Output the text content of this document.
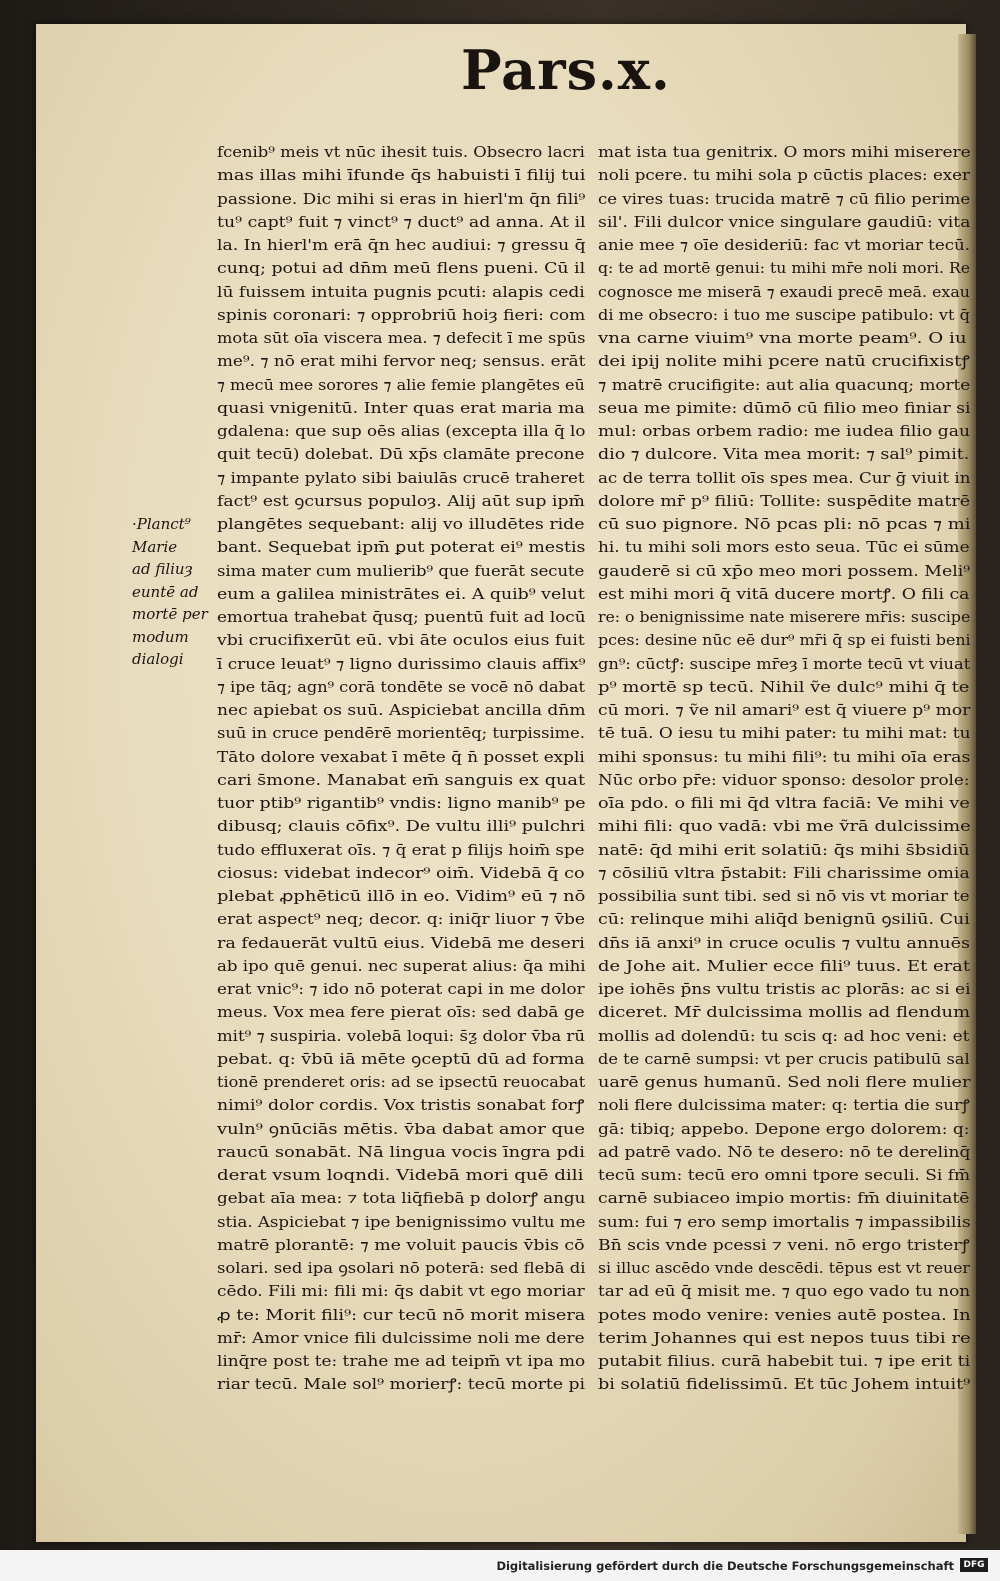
Pars.x.
·Planct⁹
Marie
ad filiuȝ
euntē ad
mortē per
modum
dialogi
fcenib⁹ meis vt nūc ihesit tuis. Obsecro lacri
mas illas mihi īfunde q̄s habuisti ī filij tui
passione. Dic mihi si eras in hierl'm q̄n fili⁹
tu⁹ capt⁹ fuit ⁊ vinct⁹ ⁊ duct⁹ ad anna. At il
la. In hierl'm erā q̄n hec audiui: ⁊ gressu q̄
cunq; potui ad dn̄m meū flens pueni. Cū il
lū fuissem intuita pugnis pcuti: alapis cedi
spinis coronari: ⁊ opprobriū hoiȝ fieri: com
mota sūt oīa viscera mea. ⁊ defecit ī me spūs
me⁹. ⁊ nō erat mihi fervor neq; sensus. erāt
⁊ mecū mee sorores ⁊ alie femie plangētes eū
quasi vnigenitū. Inter quas erat maria ma
gdalena: que sup oēs alias (excepta illa q̄ lo
quit tecū) dolebat. Dū xp̄s clamāte precone
⁊ impante pylato sibi baiulās crucē traheret
fact⁹ est ꝯcursus populoȝ. Alij aūt sup ipm̄
plangētes sequebant: alij vo illudētes ride
bant. Sequebat ipm̄ ꝑut poterat ei⁹ mestis
sima mater cum mulierib⁹ que fuerāt secute
eum a galilea ministrātes ei. A quib⁹ velut
emortua trahebat q̄usq; puentū fuit ad locū
vbi crucifixerūt eū. vbi āte oculos eius fuit
ī cruce leuat⁹ ⁊ ligno durissimo clauis affix⁹
⁊ ipe tāq; agn⁹ corā tondēte se vocē nō dabat
nec apiebat os suū. Aspiciebat ancilla dn̄m
suū in cruce pendērē morientēq; turpissime.
Tāto dolore vexabat ī mēte q̄ n̄ posset expli
cari s̄mone. Manabat em̄ sanguis ex quat
tuor ptib⁹ rigantib⁹ vndis: ligno manib⁹ pe
dibusq; clauis cōfix⁹. De vultu illi⁹ pulchri
tudo effluxerat oīs. ⁊ q̄ erat p filijs hoim̄ spe
ciosus: videbat indecor⁹ oim̄. Videbā q̄ co
plebat ꝓphēticū illō in eo. Vidim⁹ eū ⁊ nō
erat aspect⁹ neq; decor. q: iniq̄r liuor ⁊ v̄be
ra fedauerāt vultū eius. Videbā me deseri
ab ipo quē genui. nec superat alius: q̄a mihi
erat vnic⁹: ⁊ ido nō poterat capi in me dolor
meus. Vox mea fere pierat oīs: sed dabā ge
mit⁹ ⁊ suspiria. volebā loqui: s̄ƺ dolor v̄ba rū
pebat. q: v̄bū iā mēte ꝯceptū dū ad forma
tionē prenderet oris: ad se ipsectū reuocabat
nimi⁹ dolor cordis. Vox tristis sonabat forꝭ
vuln⁹ ꝯnūciās mētis. v̄ba dabat amor que
raucū sonabāt. Nā lingua vocis īngra pdi
derat vsum loqndi. Videbā mori quē dili
gebat aīa mea: ⁊ tota liq̄fiebā p dolorꝭ angu
stia. Aspiciebat ⁊ ipe benignissimo vultu me
matrē plorantē: ⁊ me voluit paucis v̄bis cō
solari. sed ipa ꝯsolari nō poterā: sed flebā di
cēdo. Fili mi: fili mi: q̄s dabit vt ego moriar
ꝓ te: Morit fili⁹: cur tecū nō morit misera
mr̄: Amor vnice fili dulcissime noli me dere
linq̄re post te: trahe me ad teipm̄ vt ipa mo
riar tecū. Male sol⁹ morierꝭ: tecū morte pi
mat ista tua genitrix. O mors mihi miserere
noli pcere. tu mihi sola p cūctis places: exer
ce vires tuas: trucida matrē ⁊ cū filio perime
sil'. Fili dulcor vnice singulare gaudiū: vita
anie mee ⁊ oīe desideriū: fac vt moriar tecū.
q: te ad mortē genui: tu mihi mr̄e noli mori. Re
cognosce me miserā ⁊ exaudi precē meā. exau
di me obsecro: i tuo me suscipe patibulo: vt q̄
vna carne viuim⁹ vna morte peam⁹. O iu
dei ipij nolite mihi pcere natū crucifixistꝭ
⁊ matrē crucifigite: aut alia quacunq; morte
seua me pimite: dūmō cū filio meo finiar si
mul: orbas orbem radio: me iudea filio gau
dio ⁊ dulcore. Vita mea morit: ⁊ sal⁹ pimit.
ac de terra tollit oīs spes mea. Cur ḡ viuit in
dolore mr̄ p⁹ filiū: Tollite: suspēdite matrē
cū suo pignore. Nō pcas pli: nō pcas ⁊ mi
hi. tu mihi soli mors esto seua. Tūc ei sūme
gauderē si cū xp̄o meo mori possem. Meli⁹
est mihi mori q̄ vitā ducere mortꝭ. O fili ca
re: o benignissime nate miserere mr̄is: suscipe
pces: desine nūc eē dur⁹ mr̄i q̄ sp ei fuisti beni
gn⁹: cūctꝭ: suscipe mr̄eȝ ī morte tecū vt viuat
p⁹ mortē sp tecū. Nihil ṽe dulc⁹ mihi q̄ te
cū mori. ⁊ ṽe nil amari⁹ est q̄ viuere p⁹ mor
tē tuā. O iesu tu mihi pater: tu mihi mat: tu
mihi sponsus: tu mihi fili⁹: tu mihi oīa eras
Nūc orbo pr̄e: viduor sponso: desolor prole:
oīa pdo. o fili mi q̄d vltra faciā: Ve mihi ve
mihi fili: quo vadā: vbi me ṽrā dulcissime
natē: q̄d mihi erit solatiū: q̄s mihi s̄bsidiū
⁊ cōsiliū vltra p̄stabit: Fili charissime omia
possibilia sunt tibi. sed si nō vis vt moriar te
cū: relinque mihi aliq̄d benignū ꝯsiliū. Cui
dn̄s iā anxi⁹ in cruce oculis ⁊ vultu annuēs
de Johe ait. Mulier ecce fili⁹ tuus. Et erat
ipe iohēs p̄ns vultu tristis ac plorās: ac si ei
diceret. Mr̄ dulcissima mollis ad flendum
mollis ad dolendū: tu scis q: ad hoc veni: et
de te carnē sumpsi: vt per crucis patibulū sal
uarē genus humanū. Sed noli flere mulier
noli flere dulcissima mater: q: tertia die surꝭ
gā: tibiq; appebo. Depone ergo dolorem: q:
ad patrē vado. Nō te desero: nō te derelinq̄
tecū sum: tecū ero omni tpore seculi. Si fm̄
carnē subiaceo impio mortis: fm̄ diuinitatē
sum: fui ⁊ ero semp imortalis ⁊ impassibilis
Bn̄ scis vnde pcessi ⁊ veni. nō ergo tristerꝭ
si illuc ascēdo vnde descēdi. tēpus est vt reuer
tar ad eū q̄ misit me. ⁊ quo ego vado tu non
potes modo venire: venies autē postea. In
terim Johannes qui est nepos tuus tibi re
putabit filius. curā habebit tui. ⁊ ipe erit ti
bi solatiū fidelissimū. Et tūc Johem intuit⁹
Digitalisierung gefördert durch die Deutsche Forschungsgemeinschaft	DFG
